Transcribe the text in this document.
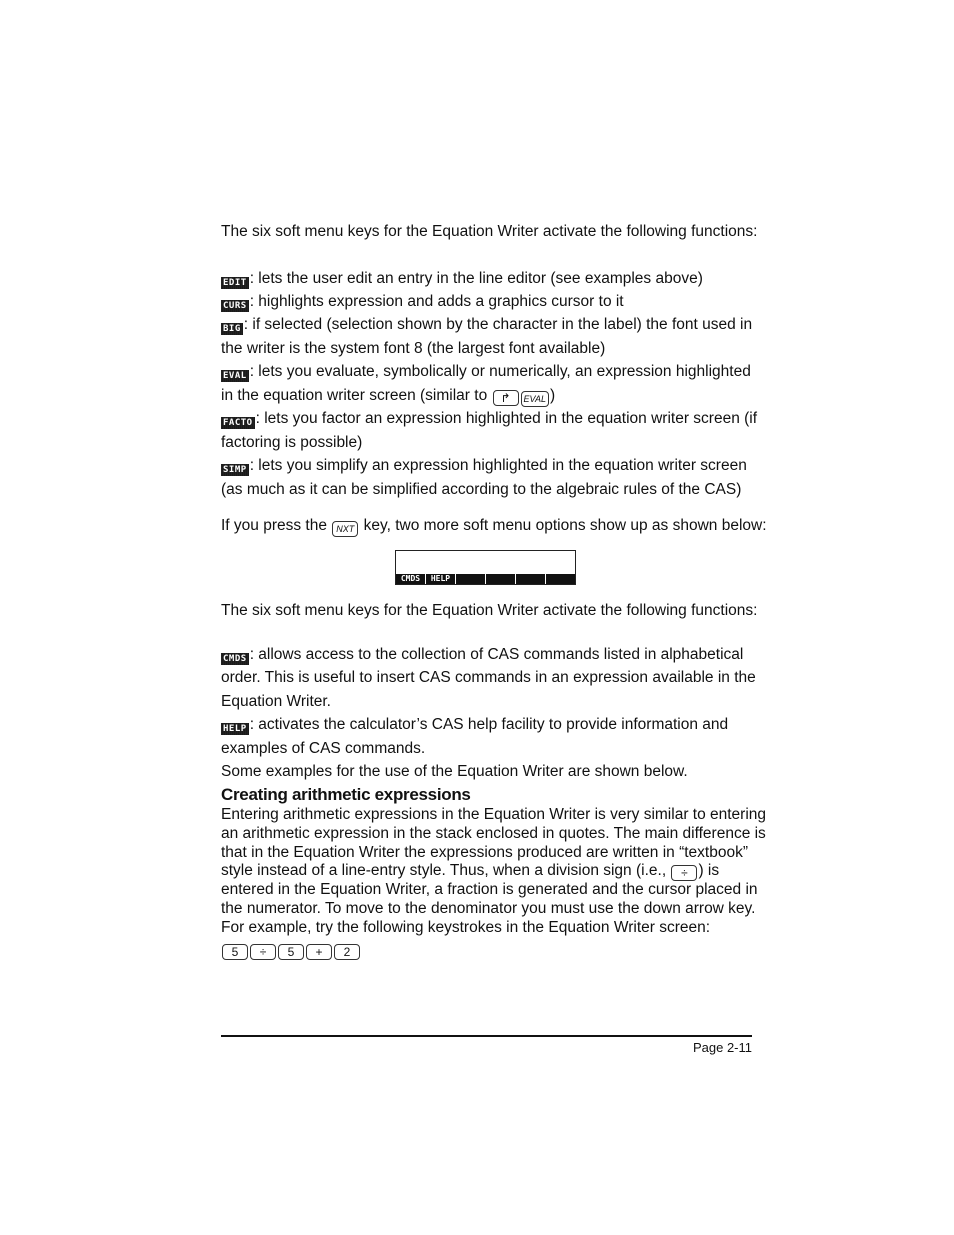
The six soft menu keys for the Equation Writer activate the following functions:
EDIT : lets the user edit an entry in the line editor (see examples above)
CURS : highlights expression and adds a graphics cursor to it
BIG : if selected (selection shown by the character in the label) the font used in
the writer is the system font 8 (the largest font available)
EVAL : lets you evaluate, symbolically or numerically, an expression highlighted
in the equation writer screen (similar to ↱ EVAL )
FACTO : lets you factor an expression highlighted in the equation writer screen (if
factoring is possible)
SIMP : lets you simplify an expression highlighted in the equation writer screen
(as much as it can be simplified according to the algebraic rules of the CAS)
If you press the NXT key, two more soft menu options show up as shown below:
CMDS	HELP
The six soft menu keys for the Equation Writer activate the following functions:
CMDS : allows access to the collection of CAS commands listed in alphabetical
order. This is useful to insert CAS commands in an expression available in the
Equation Writer.
HELP : activates the calculator’s CAS help facility to provide information and
examples of CAS commands.
Some examples for the use of the Equation Writer are shown below.
Creating arithmetic expressions
Entering arithmetic expressions in the Equation Writer is very similar to entering
an arithmetic expression in the stack enclosed in quotes. The main difference is
that in the Equation Writer the expressions produced are written in “textbook”
style instead of a line-entry style. Thus, when a division sign (i.e., ÷ ) is
entered in the Equation Writer, a fraction is generated and the cursor placed in
the numerator. To move to the denominator you must use the down arrow key.
For example, try the following keystrokes in the Equation Writer screen:
5 ÷ 5 + 2
Page 2-11
